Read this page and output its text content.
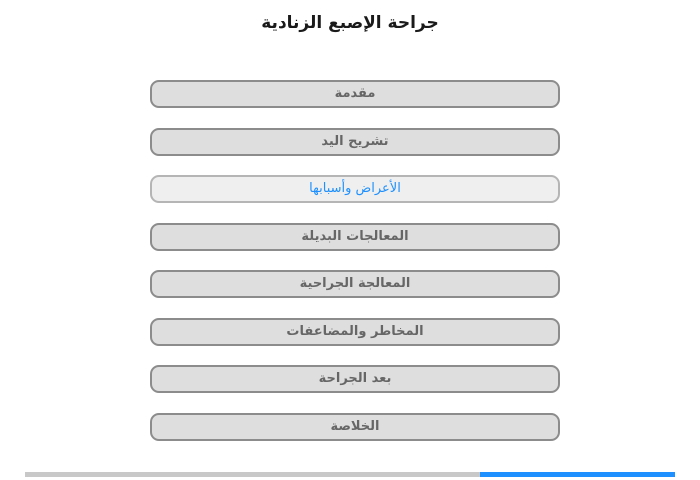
جراحة الإصبع الزنادية
مقدمة
تشريح اليد
الأعراض وأسبابها
المعالجات البديلة
المعالجة الجراحية
المخاطر والمضاعفات
بعد الجراحة
الخلاصة
